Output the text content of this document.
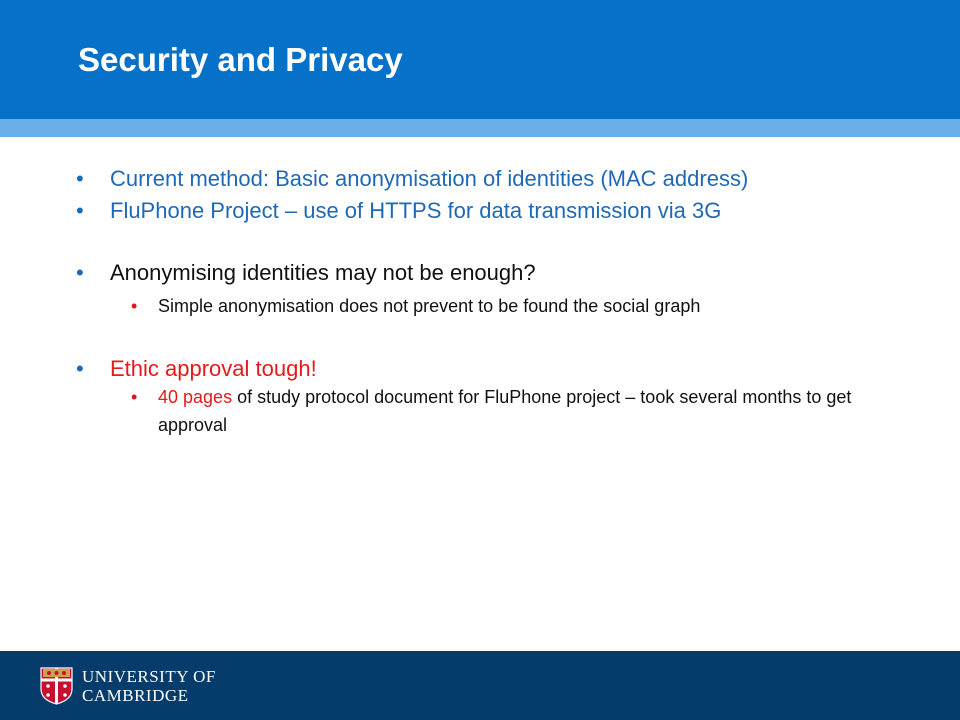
Security and Privacy
• Current method: Basic anonymisation of identities (MAC address)
• FluPhone Project – use of HTTPS for data transmission via 3G
• Anonymising identities may not be enough?
• Simple anonymisation does not prevent to be found the social graph
• Ethic approval tough!
• 40 pages of study protocol document for FluPhone project – took several months to get approval
UNIVERSITY OF
CAMBRIDGE
